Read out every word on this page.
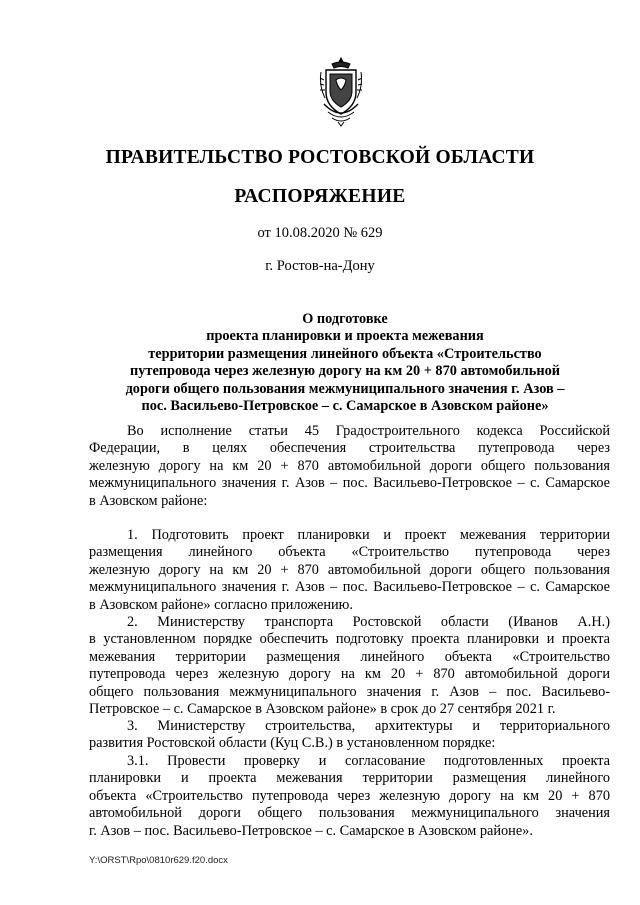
ПРАВИТЕЛЬСТВО РОСТОВСКОЙ ОБЛАСТИ
РАСПОРЯЖЕНИЕ
от 10.08.2020 № 629
г. Ростов-на-Дону
О подготовке
проекта планировки и проекта межевания
территории размещения линейного объекта «Строительство
путепровода через железную дорогу на км 20 + 870 автомобильной
дороги общего пользования межмуниципального значения г. Азов –
пос. Васильево-Петровское – с. Самарское в Азовском районе»
Во исполнение статьи 45 Градостроительного кодекса Российской
Федерации, в целях обеспечения строительства путепровода через
железную дорогу на км 20 + 870 автомобильной дороги общего пользования
межмуниципального значения г. Азов – пос. Васильево-Петровское – с. Самарское
в Азовском районе:
1. Подготовить проект планировки и проект межевания территории
размещения линейного объекта «Строительство путепровода через
железную дорогу на км 20 + 870 автомобильной дороги общего пользования
межмуниципального значения г. Азов – пос. Васильево-Петровское – с. Самарское
в Азовском районе» согласно приложению.
2. Министерству транспорта Ростовской области (Иванов А.Н.)
в установленном порядке обеспечить подготовку проекта планировки и проекта
межевания территории размещения линейного объекта «Строительство
путепровода через железную дорогу на км 20 + 870 автомобильной дороги
общего пользования межмуниципального значения г. Азов – пос. Васильево-
Петровское – с. Самарское в Азовском районе» в срок до 27 сентября 2021 г.
3. Министерству строительства, архитектуры и территориального
развития Ростовской области (Куц С.В.) в установленном порядке:
3.1. Провести проверку и согласование подготовленных проекта
планировки и проекта межевания территории размещения линейного
объекта «Строительство путепровода через железную дорогу на км 20 + 870
автомобильной дороги общего пользования межмуниципального значения
г. Азов – пос. Васильево-Петровское – с. Самарское в Азовском районе».
Y:\ORST\Rpo\0810r629.f20.docx
